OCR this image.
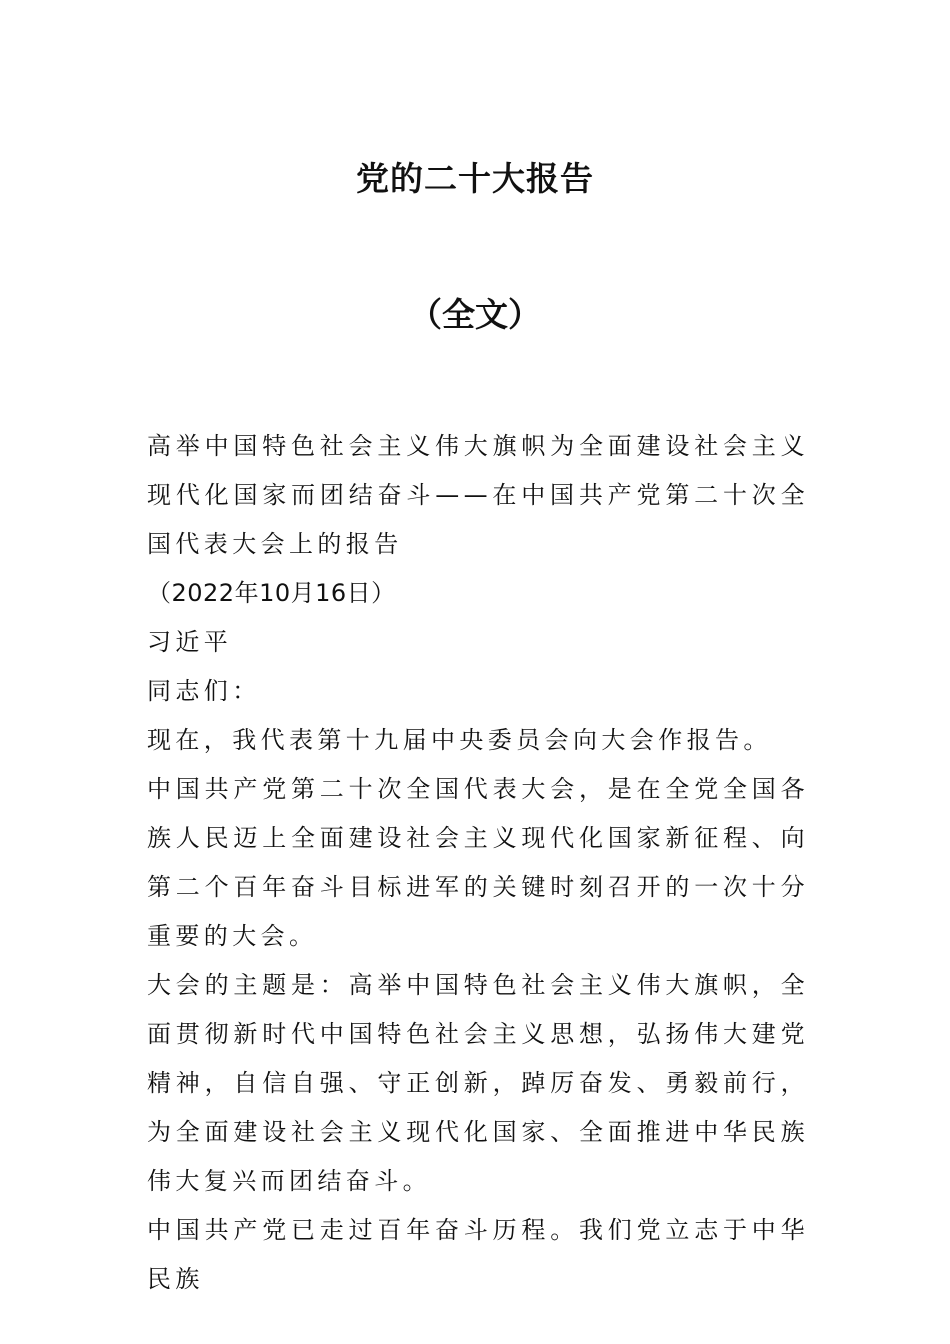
党的二十大报告
（全文）

高举中国特色社会主义伟大旗帜为全面建设社会主义现代化国家而团结奋斗——在中国共产党第二十次全国代表大会上的报告

（2022年10月16日）

习近平

同志们：

现在，我代表第十九届中央委员会向大会作报告。

中国共产党第二十次全国代表大会，是在全党全国各族人民迈上全面建设社会主义现代化国家新征程、向第二个百年奋斗目标进军的关键时刻召开的一次十分重要的大会。

大会的主题是：高举中国特色社会主义伟大旗帜，全面贯彻新时代中国特色社会主义思想，弘扬伟大建党精神，自信自强、守正创新，踔厉奋发、勇毅前行，为全面建设社会主义现代化国家、全面推进中华民族伟大复兴而团结奋斗。

中国共产党已走过百年奋斗历程。我们党立志于中华民族
